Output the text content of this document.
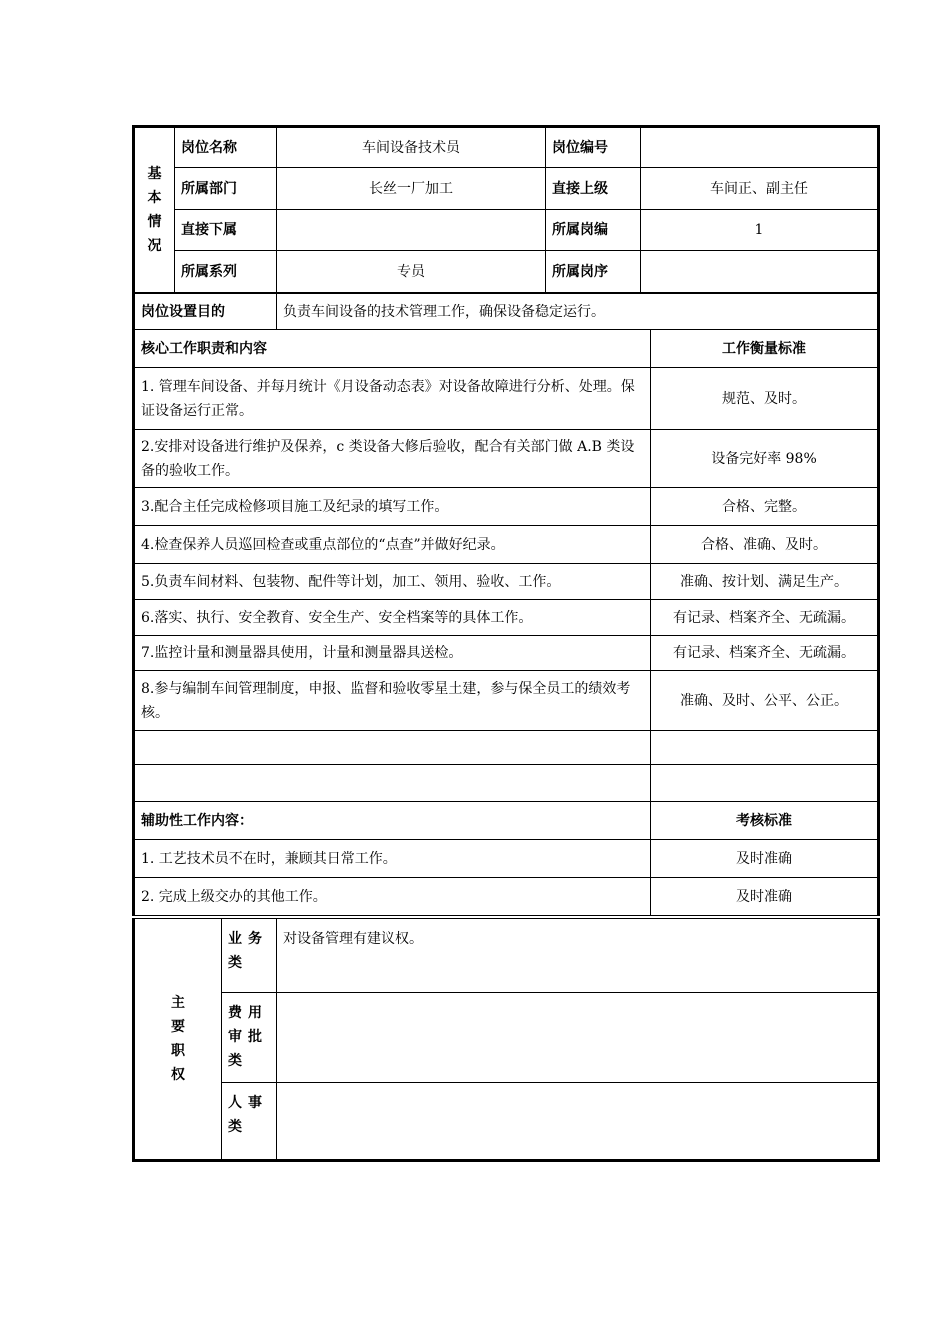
基
本
情
况	岗位名称	车间设备技术员	岗位编号	
	所属部门	长丝一厂加工	直接上级	车间正、副主任
	直接下属		所属岗编	1
	所属系列	专员	所属岗序	
岗位设置目的	负责车间设备的技术管理工作，确保设备稳定运行。	
核心工作职责和内容		工作衡量标准
1. 管理车间设备、并每月统计《月设备动态表》对设备故障进行分析、处理。保证设备运行正常。		规范、及时。
2.安排对设备进行维护及保养，c 类设备大修后验收，配合有关部门做 A.B 类设备的验收工作。		设备完好率 98%
3.配合主任完成检修项目施工及纪录的填写工作。		合格、完整。
4.检查保养人员巡回检查或重点部位的“点查”并做好纪录。		合格、准确、及时。
5.负责车间材料、包装物、配件等计划，加工、领用、验收、工作。		准确、按计划、满足生产。
6.落实、执行、安全教育、安全生产、安全档案等的具体工作。		有记录、档案齐全、无疏漏。
7.监控计量和测量器具使用，计量和测量器具送检。		有记录、档案齐全、无疏漏。
8.参与编制车间管理制度，申报、监督和验收零星土建，参与保全员工的绩效考核。		准确、及时、公平、公正。

辅助性工作内容：		考核标准
1. 工艺技术员不在时，兼顾其日常工作。		及时准确
2. 完成上级交办的其他工作。		及时准确
主
要
职
权	业务类	对设备管理有建议权。
	费用审批类	
	人事类	
